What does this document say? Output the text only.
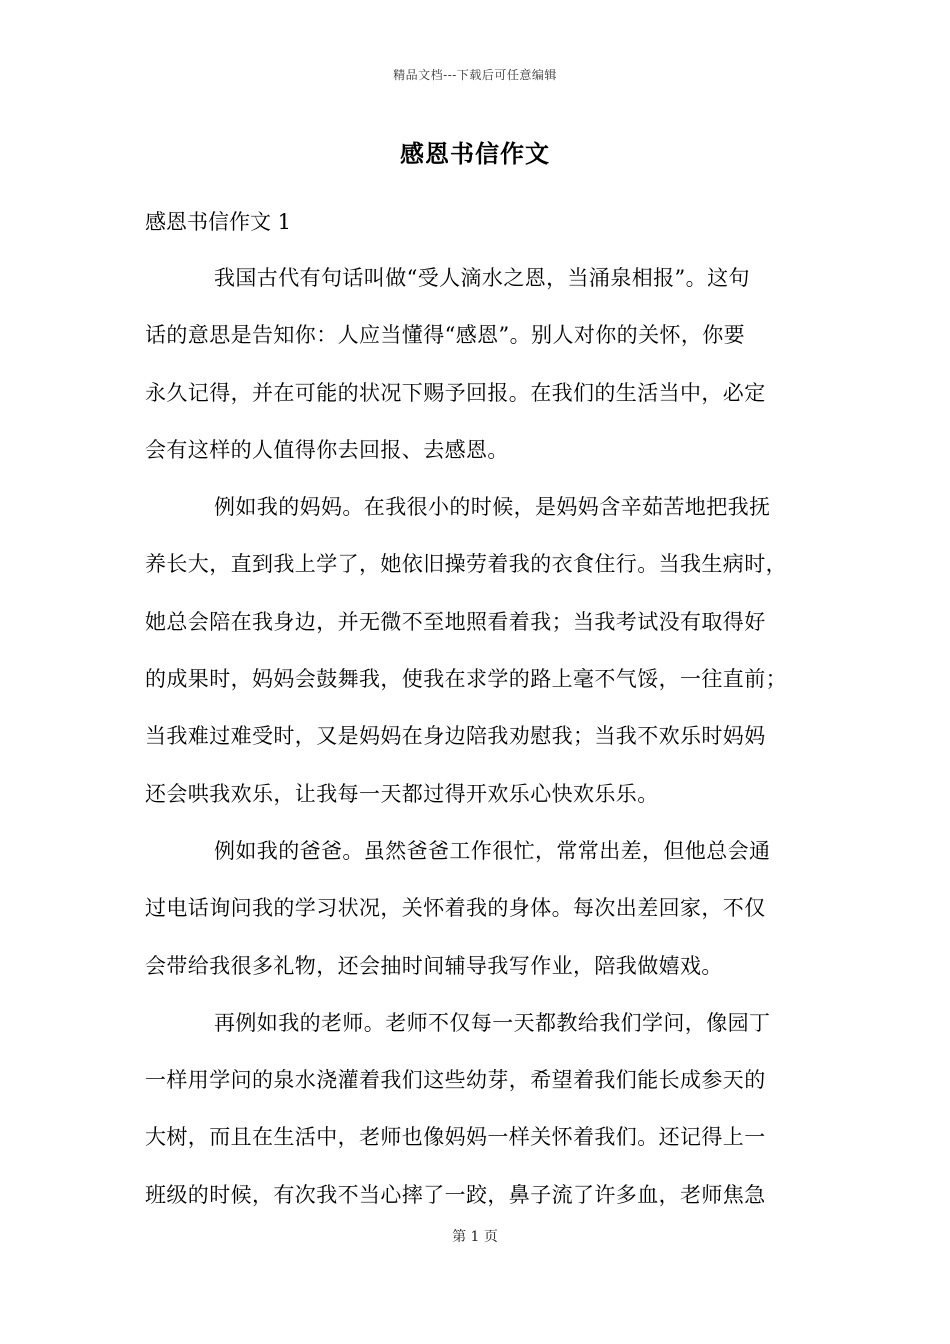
精品文档---下载后可任意编辑
感恩书信作文
感恩书信作文 1
我国古代有句话叫做“受人滴水之恩，当涌泉相报”。这句
话的意思是告知你：人应当懂得“感恩”。别人对你的关怀，你要
永久记得，并在可能的状况下赐予回报。在我们的生活当中，必定
会有这样的人值得你去回报、去感恩。
例如我的妈妈。在我很小的时候，是妈妈含辛茹苦地把我抚
养长大，直到我上学了，她依旧操劳着我的衣食住行。当我生病时，
她总会陪在我身边，并无微不至地照看着我；当我考试没有取得好
的成果时，妈妈会鼓舞我，使我在求学的路上毫不气馁，一往直前；
当我难过难受时，又是妈妈在身边陪我劝慰我；当我不欢乐时妈妈
还会哄我欢乐，让我每一天都过得开欢乐心快欢乐乐。
例如我的爸爸。虽然爸爸工作很忙，常常出差，但他总会通
过电话询问我的学习状况，关怀着我的身体。每次出差回家，不仅
会带给我很多礼物，还会抽时间辅导我写作业，陪我做嬉戏。
再例如我的老师。老师不仅每一天都教给我们学问，像园丁
一样用学问的泉水浇灌着我们这些幼芽，希望着我们能长成参天的
大树，而且在生活中，老师也像妈妈一样关怀着我们。还记得上一
班级的时候，有次我不当心摔了一跤，鼻子流了许多血，老师焦急
第 1 页
